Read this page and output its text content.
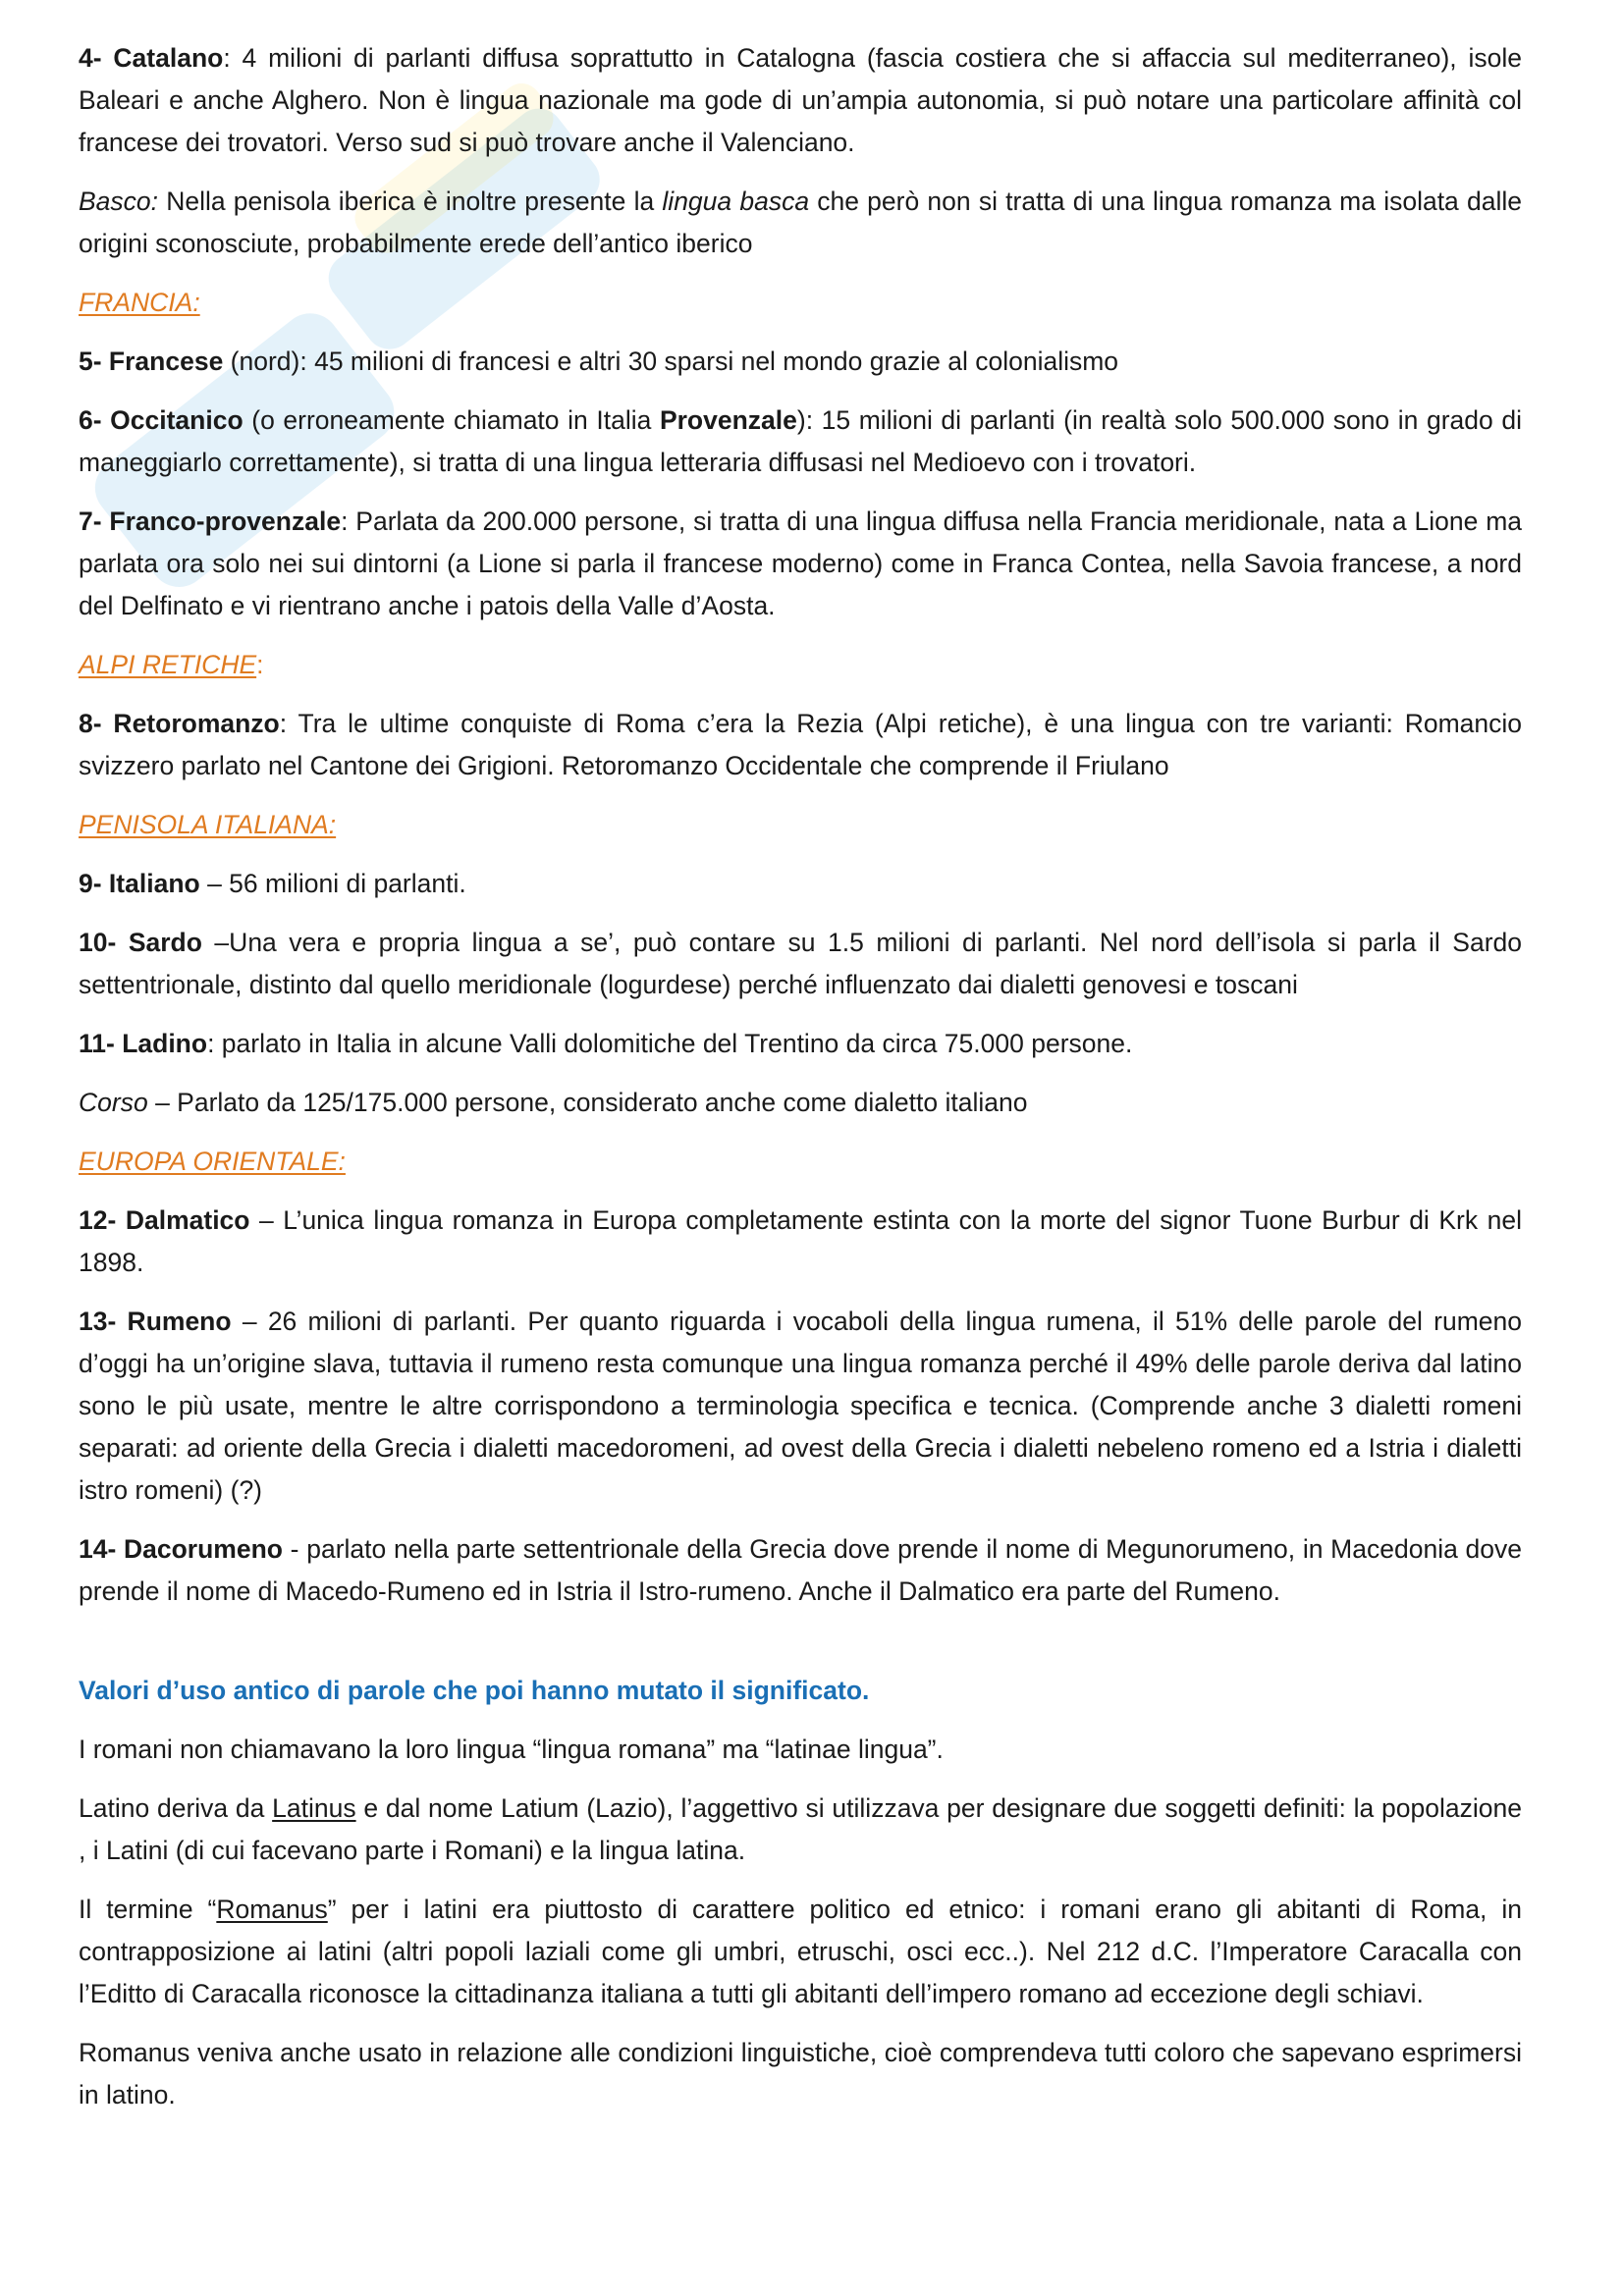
4- Catalano: 4 milioni di parlanti diffusa soprattutto in Catalogna (fascia costiera che si affaccia sul mediterraneo), isole Baleari e anche Alghero. Non è lingua nazionale ma gode di un’ampia autonomia, si può notare una particolare affinità col francese dei trovatori. Verso sud si può trovare anche il Valenciano.

Basco: Nella penisola iberica è inoltre presente la lingua basca che però non si tratta di una lingua romanza ma isolata dalle origini sconosciute, probabilmente erede dell’antico iberico

FRANCIA:

5- Francese (nord): 45 milioni di francesi e altri 30 sparsi nel mondo grazie al colonialismo

6- Occitanico (o erroneamente chiamato in Italia Provenzale): 15 milioni di parlanti (in realtà solo 500.000 sono in grado di maneggiarlo correttamente), si tratta di una lingua letteraria diffusasi nel Medioevo con i trovatori.

7- Franco-provenzale: Parlata da 200.000 persone, si tratta di una lingua diffusa nella Francia meridionale, nata a Lione ma parlata ora solo nei sui dintorni (a Lione si parla il francese moderno) come in Franca Contea, nella Savoia francese, a nord del Delfinato e vi rientrano anche i patois della Valle d’Aosta.

ALPI RETICHE:

8- Retoromanzo: Tra le ultime conquiste di Roma c’era la Rezia (Alpi retiche), è una lingua con tre varianti: Romancio svizzero parlato nel Cantone dei Grigioni. Retoromanzo Occidentale che comprende il Friulano

PENISOLA ITALIANA:

9- Italiano – 56 milioni di parlanti.

10- Sardo –Una vera e propria lingua a se’, può contare su 1.5 milioni di parlanti. Nel nord dell’isola si parla il Sardo settentrionale, distinto dal quello meridionale (logurdese) perché influenzato dai dialetti genovesi e toscani

11- Ladino: parlato in Italia in alcune Valli dolomitiche del Trentino da circa 75.000 persone.

Corso – Parlato da 125/175.000 persone, considerato anche come dialetto italiano

EUROPA ORIENTALE:

12- Dalmatico – L’unica lingua romanza in Europa completamente estinta con la morte del signor Tuone Burbur di Krk nel 1898.

13- Rumeno – 26 milioni di parlanti. Per quanto riguarda i vocaboli della lingua rumena, il 51% delle parole del rumeno d’oggi ha un’origine slava, tuttavia il rumeno resta comunque una lingua romanza perché il 49% delle parole deriva dal latino sono le più usate, mentre le altre corrispondono a terminologia specifica e tecnica. (Comprende anche 3 dialetti romeni separati: ad oriente della Grecia i dialetti macedoromeni, ad ovest della Grecia i dialetti nebeleno romeno ed a Istria i dialetti istro romeni) (?)

14- Dacorumeno - parlato nella parte settentrionale della Grecia dove prende il nome di Megunorumeno, in Macedonia dove prende il nome di Macedo-Rumeno ed in Istria il Istro-rumeno. Anche il Dalmatico era parte del Rumeno.

Valori d’uso antico di parole che poi hanno mutato il significato.

I romani non chiamavano la loro lingua “lingua romana” ma “latinae lingua”.

Latino deriva da Latinus e dal nome Latium (Lazio), l’aggettivo si utilizzava per designare due soggetti definiti: la popolazione , i Latini (di cui facevano parte i Romani) e la lingua latina.

Il termine “Romanus” per i latini era piuttosto di carattere politico ed etnico: i romani erano gli abitanti di Roma, in contrapposizione ai latini (altri popoli laziali come gli umbri, etruschi, osci ecc..). Nel 212 d.C. l’Imperatore Caracalla con l’Editto di Caracalla riconosce la cittadinanza italiana a tutti gli abitanti dell’impero romano ad eccezione degli schiavi.

Romanus veniva anche usato in relazione alle condizioni linguistiche, cioè comprendeva tutti coloro che sapevano esprimersi in latino.
